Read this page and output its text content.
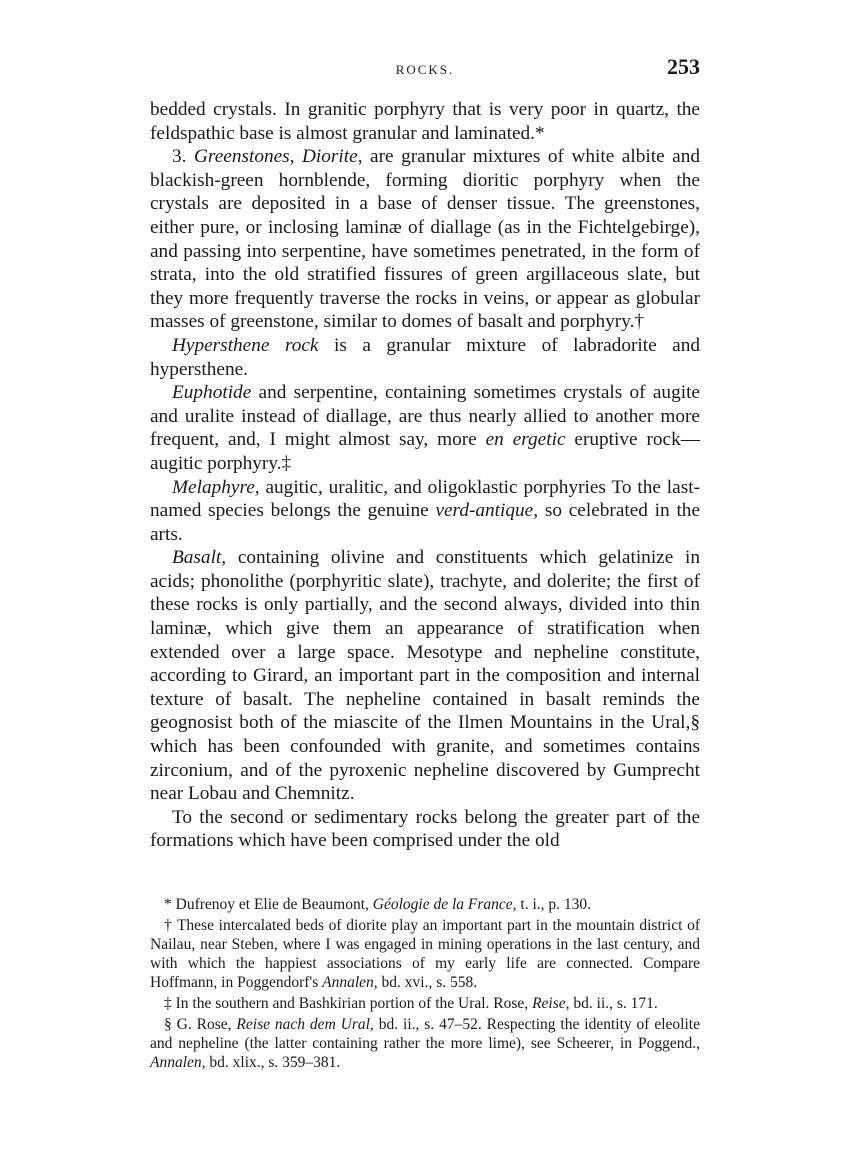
ROCKS.	253

bedded crystals. In granitic porphyry that is very poor in quartz, the feldspathic base is almost granular and laminated.*

3. Greenstones, Diorite, are granular mixtures of white albite and blackish-green hornblende, forming dioritic porphyry when the crystals are deposited in a base of denser tissue. The greenstones, either pure, or inclosing laminæ of diallage (as in the Fichtelgebirge), and passing into serpentine, have sometimes penetrated, in the form of strata, into the old stratified fissures of green argillaceous slate, but they more frequently traverse the rocks in veins, or appear as globular masses of greenstone, similar to domes of basalt and porphyry.†

Hypersthene rock is a granular mixture of labradorite and hypersthene.

Euphotide and serpentine, containing sometimes crystals of augite and uralite instead of diallage, are thus nearly allied to another more frequent, and, I might almost say, more en ergetic eruptive rock—augitic porphyry.‡

Melaphyre, augitic, uralitic, and oligoklastic porphyries To the last-named species belongs the genuine verd-antique, so celebrated in the arts.

Basalt, containing olivine and constituents which gelatinize in acids; phonolithe (porphyritic slate), trachyte, and dolerite; the first of these rocks is only partially, and the second always, divided into thin laminæ, which give them an appearance of stratification when extended over a large space. Mesotype and nepheline constitute, according to Girard, an important part in the composition and internal texture of basalt. The nepheline contained in basalt reminds the geognosist both of the miascite of the Ilmen Mountains in the Ural,§ which has been confounded with granite, and sometimes contains zirconium, and of the pyroxenic nepheline discovered by Gumprecht near Lobau and Chemnitz.

To the second or sedimentary rocks belong the greater part of the formations which have been comprised under the old

* Dufrenoy et Elie de Beaumont, Géologie de la France, t. i., p. 130.

† These intercalated beds of diorite play an important part in the mountain district of Nailau, near Steben, where I was engaged in mining operations in the last century, and with which the happiest associations of my early life are connected. Compare Hoffmann, in Poggendorf's Annalen, bd. xvi., s. 558.

‡ In the southern and Bashkirian portion of the Ural. Rose, Reise, bd. ii., s. 171.

§ G. Rose, Reise nach dem Ural, bd. ii., s. 47–52. Respecting the identity of eleolite and nepheline (the latter containing rather the more lime), see Scheerer, in Poggend., Annalen, bd. xlix., s. 359–381.
